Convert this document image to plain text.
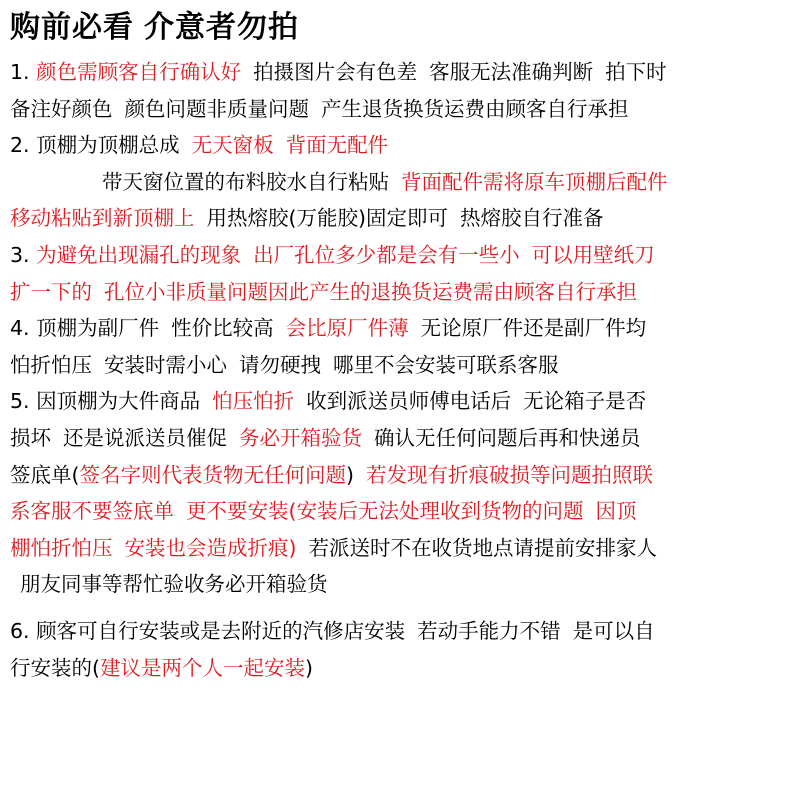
购前必看 介意者勿拍
1. 颜色需顾客自行确认好 拍摄图片会有色差 客服无法准确判断 拍下时
备注好颜色 颜色问题非质量问题 产生退货换货运费由顾客自行承担
2. 顶棚为顶棚总成 无天窗板 背面无配件
带天窗位置的布料胶水自行粘贴 背面配件需将原车顶棚后配件
移动粘贴到新顶棚上 用热熔胶(万能胶)固定即可 热熔胶自行准备
3. 为避免出现漏孔的现象 出厂孔位多少都是会有一些小 可以用壁纸刀
扩一下的 孔位小非质量问题因此产生的退换货运费需由顾客自行承担
4. 顶棚为副厂件 性价比较高 会比原厂件薄 无论原厂件还是副厂件均
怕折怕压 安装时需小心 请勿硬拽 哪里不会安装可联系客服
5. 因顶棚为大件商品 怕压怕折 收到派送员师傅电话后 无论箱子是否
损坏 还是说派送员催促 务必开箱验货 确认无任何问题后再和快递员
签底单(签名字则代表货物无任何问题) 若发现有折痕破损等问题拍照联
系客服不要签底单 更不要安装(安装后无法处理收到货物的问题 因顶
棚怕折怕压 安装也会造成折痕) 若派送时不在收货地点请提前安排家人
朋友同事等帮忙验收务必开箱验货
6. 顾客可自行安装或是去附近的汽修店安装 若动手能力不错 是可以自
行安装的(建议是两个人一起安装)
